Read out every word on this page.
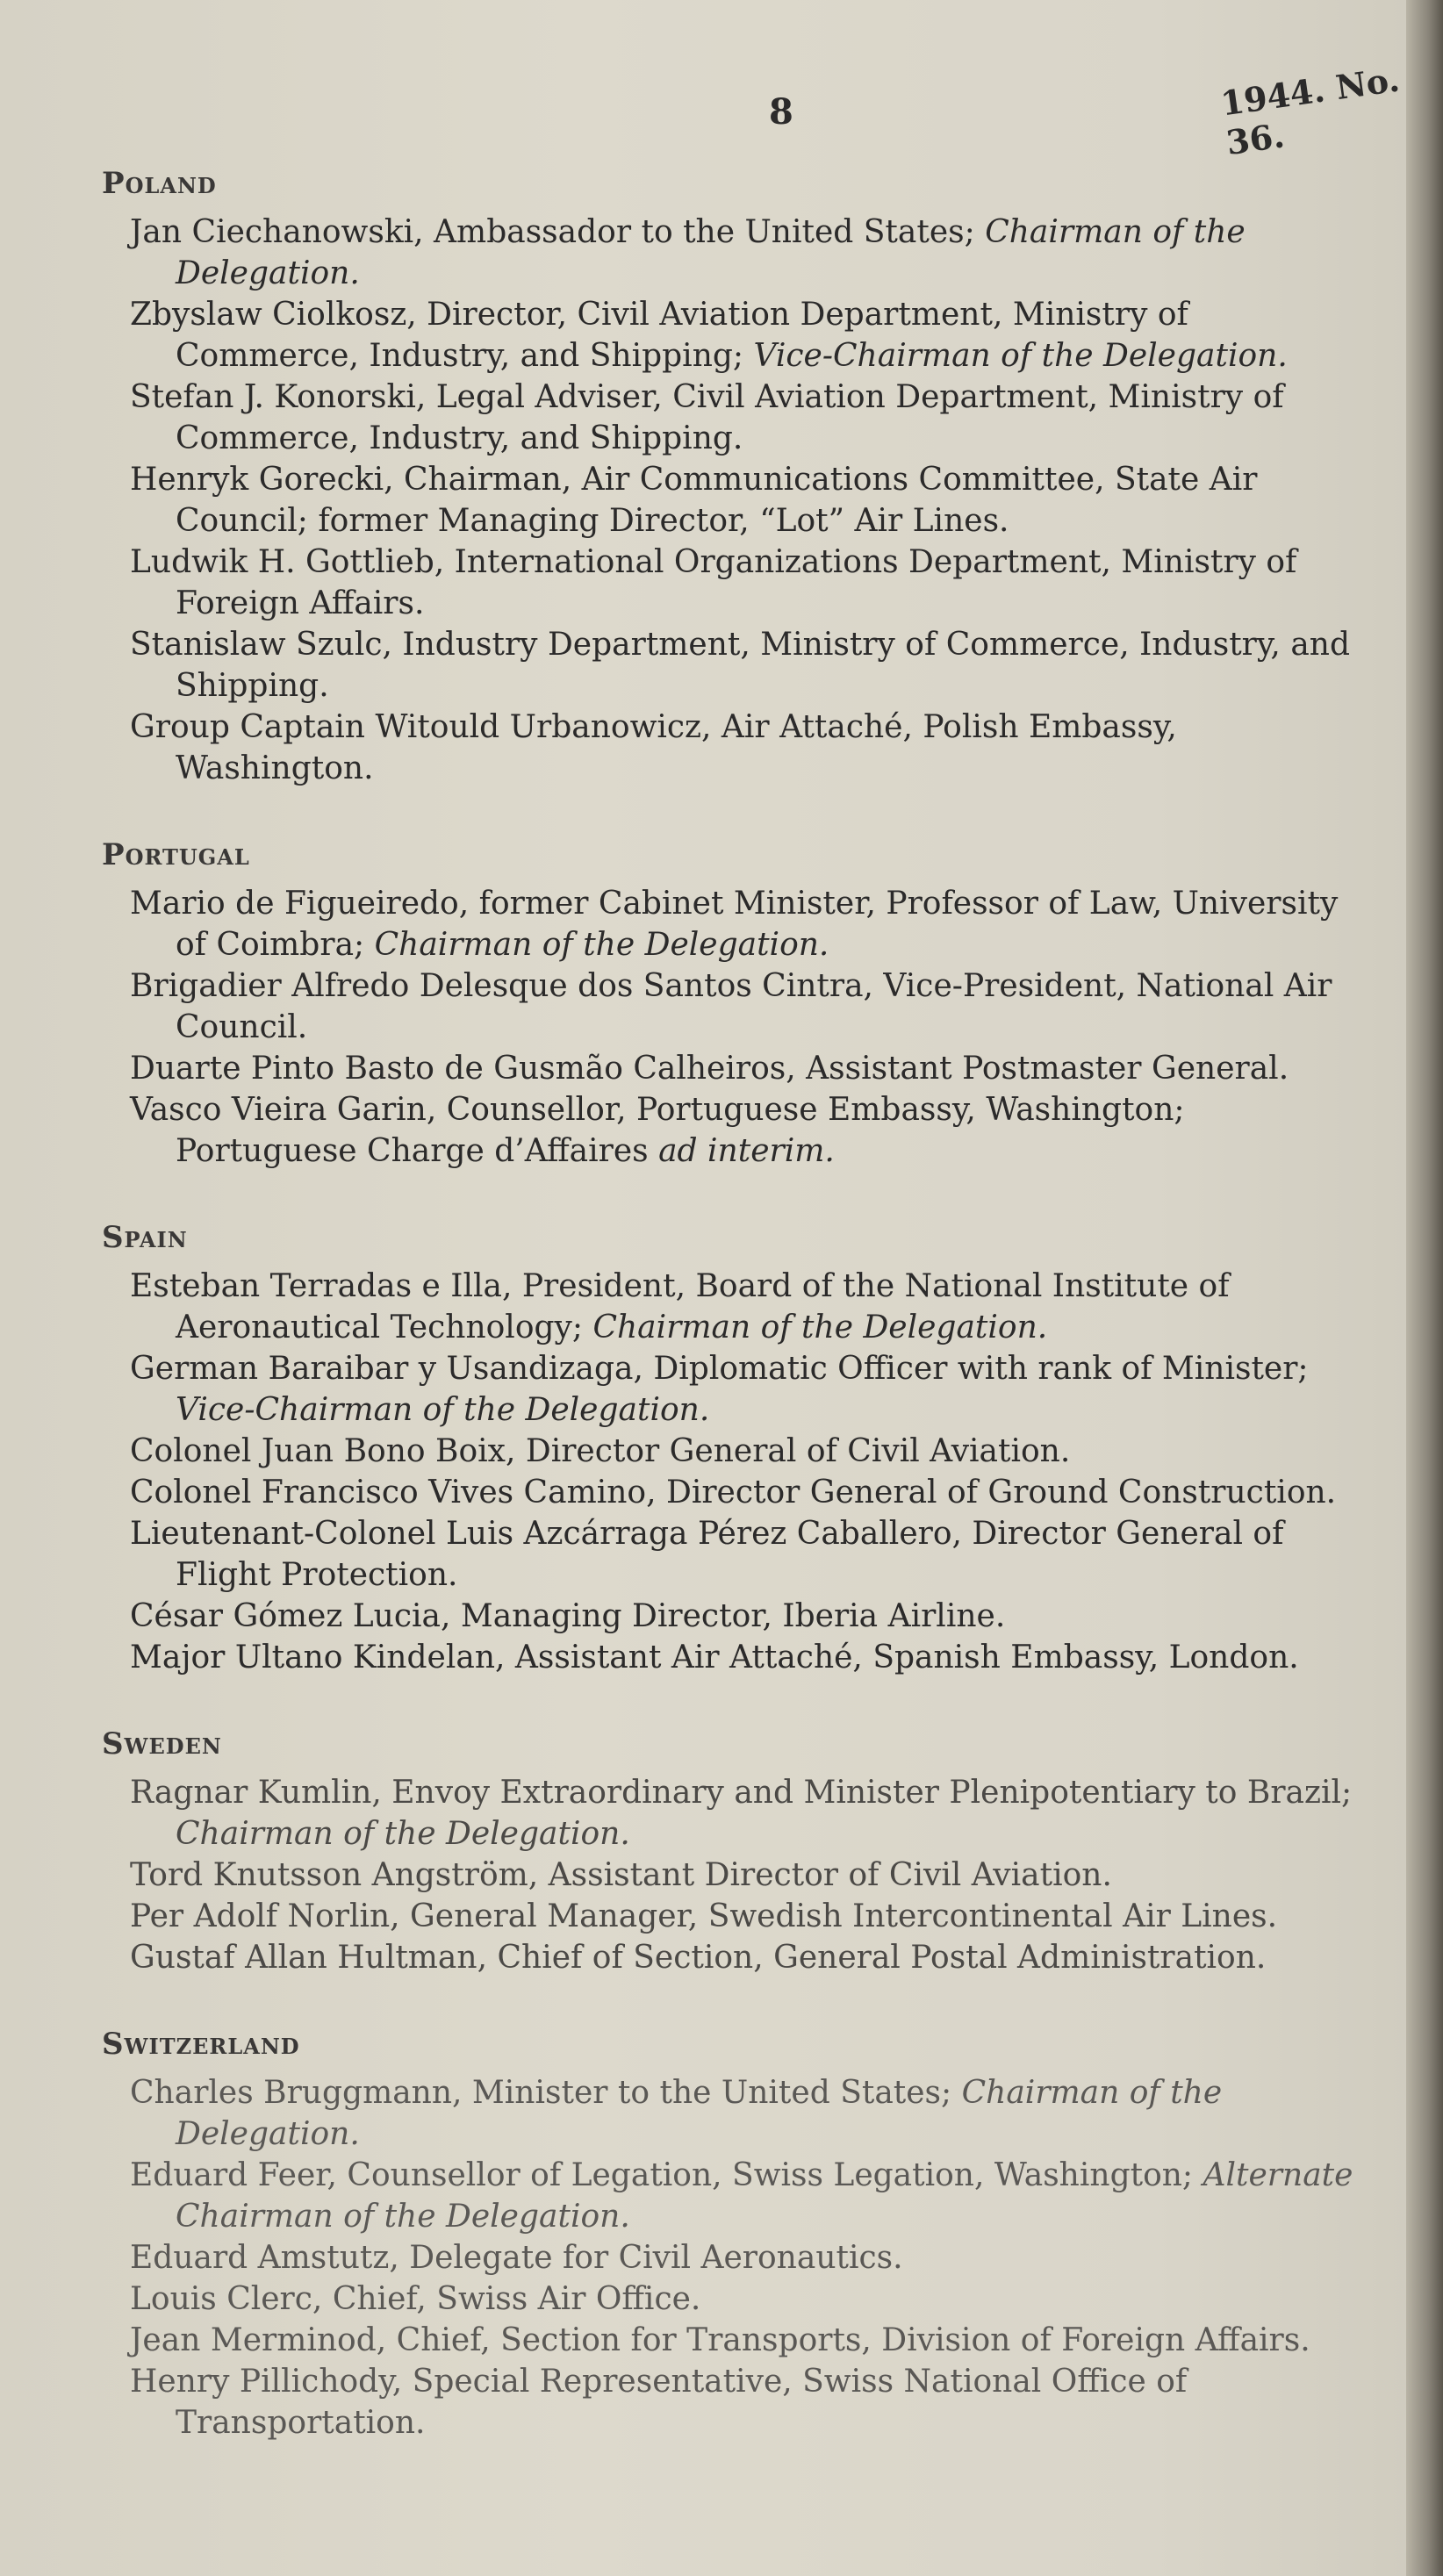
8	1944. No. 36.
Poland

Jan Ciechanowski, Ambassador to the United States; Chairman of the Delegation.

Zbyslaw Ciolkosz, Director, Civil Aviation Department, Ministry of Commerce, Industry, and Shipping; Vice-Chairman of the Delegation.

Stefan J. Konorski, Legal Adviser, Civil Aviation Department, Ministry of Commerce, Industry, and Shipping.

Henryk Gorecki, Chairman, Air Communications Committee, State Air Council; former Managing Director, “Lot” Air Lines.

Ludwik H. Gottlieb, International Organizations Department, Ministry of Foreign Affairs.

Stanislaw Szulc, Industry Department, Ministry of Commerce, Industry, and Shipping.

Group Captain Witould Urbanowicz, Air Attaché, Polish Embassy, Washington.

Portugal

Mario de Figueiredo, former Cabinet Minister, Professor of Law, University of Coimbra; Chairman of the Delegation.

Brigadier Alfredo Delesque dos Santos Cintra, Vice-President, National Air Council.

Duarte Pinto Basto de Gusmão Calheiros, Assistant Postmaster General.

Vasco Vieira Garin, Counsellor, Portuguese Embassy, Washington; Portuguese Charge d’Affaires ad interim.

Spain

Esteban Terradas e Illa, President, Board of the National Institute of Aeronautical Technology; Chairman of the Delegation.

German Baraibar y Usandizaga, Diplomatic Officer with rank of Minister; Vice-Chairman of the Delegation.

Colonel Juan Bono Boix, Director General of Civil Aviation.

Colonel Francisco Vives Camino, Director General of Ground Construction.

Lieutenant-Colonel Luis Azcárraga Pérez Caballero, Director General of Flight Protection.

César Gómez Lucia, Managing Director, Iberia Airline.

Major Ultano Kindelan, Assistant Air Attaché, Spanish Embassy, London.

Sweden

Ragnar Kumlin, Envoy Extraordinary and Minister Plenipotentiary to Brazil; Chairman of the Delegation.

Tord Knutsson Angström, Assistant Director of Civil Aviation.

Per Adolf Norlin, General Manager, Swedish Intercontinental Air Lines.

Gustaf Allan Hultman, Chief of Section, General Postal Administration.

Switzerland

Charles Bruggmann, Minister to the United States; Chairman of the Delegation.

Eduard Feer, Counsellor of Legation, Swiss Legation, Washington; Alternate Chairman of the Delegation.

Eduard Amstutz, Delegate for Civil Aeronautics.

Louis Clerc, Chief, Swiss Air Office.

Jean Merminod, Chief, Section for Transports, Division of Foreign Affairs.

Henry Pillichody, Special Representative, Swiss National Office of Transportation.
